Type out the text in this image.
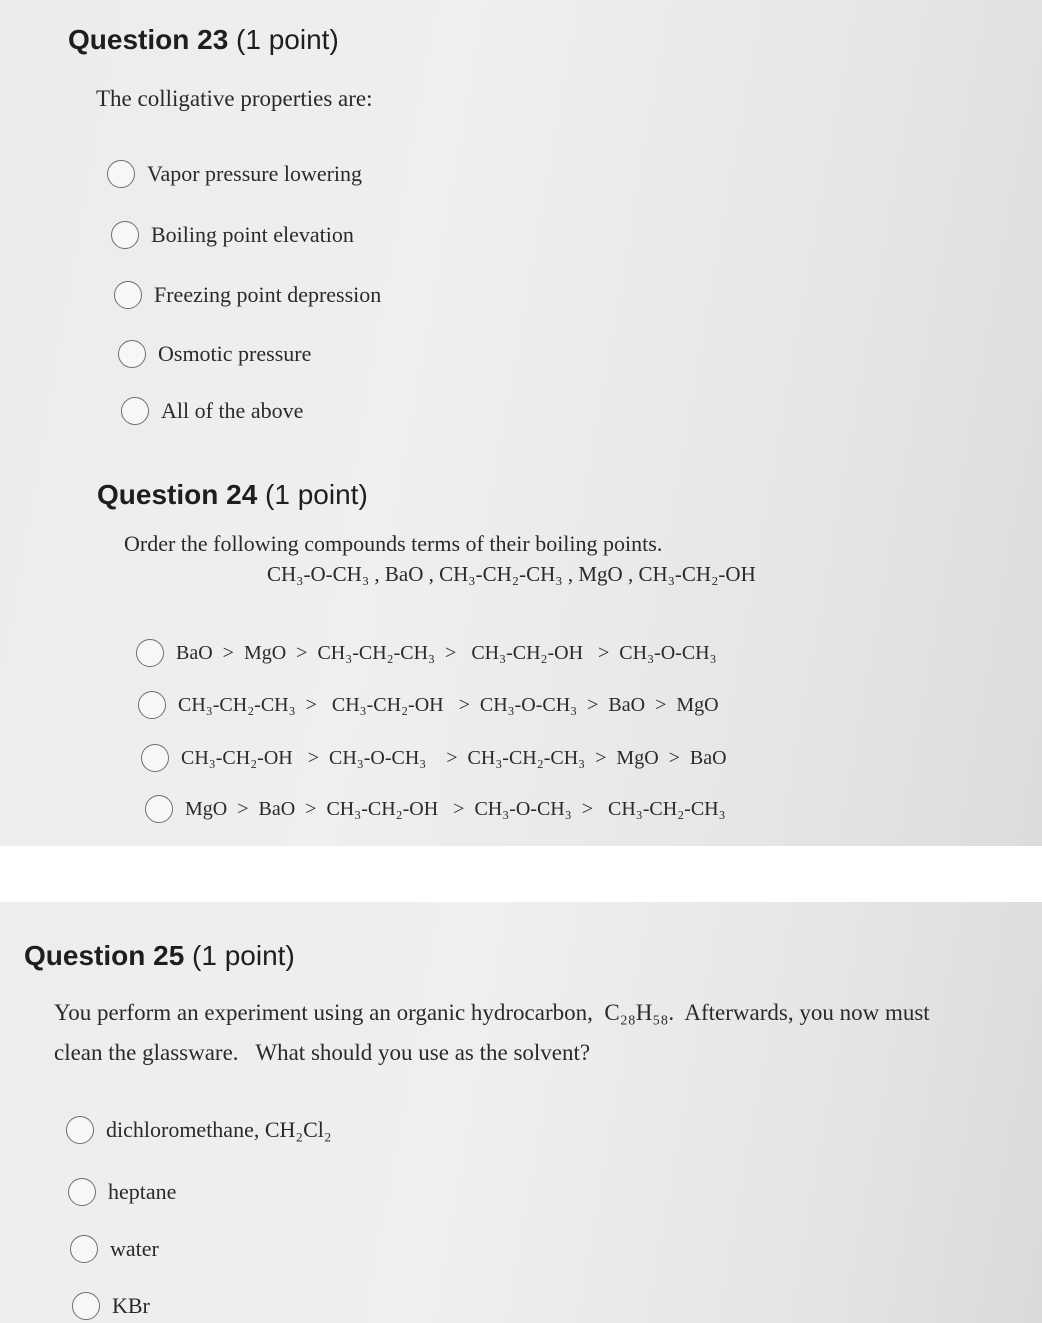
Question 23 (1 point)

The colligative properties are:

Vapor pressure lowering
Boiling point elevation
Freezing point depression
Osmotic pressure
All of the above
Question 24 (1 point)

Order the following compounds terms of their boiling points.

CH₃-O-CH₃ , BaO , CH₃-CH₂-CH₃ , MgO , CH₃-CH₂-OH

BaO  >  MgO  >  CH₃-CH₂-CH₃  >   CH₃-CH₂-OH   >  CH₃-O-CH₃
CH₃-CH₂-CH₃  >   CH₃-CH₂-OH   >  CH₃-O-CH₃  >  BaO  >  MgO
CH₃-CH₂-OH   >  CH₃-O-CH₃    >  CH₃-CH₂-CH₃  >  MgO  >  BaO
MgO  >  BaO  >  CH₃-CH₂-OH   >  CH₃-O-CH₃  >   CH₃-CH₂-CH₃
Question 25 (1 point)

You perform an experiment using an organic hydrocarbon,  C₂₈H₅₈.  Afterwards, you now must

clean the glassware.   What should you use as the solvent?

dichloromethane, CH₂Cl₂
heptane
water
KBr
